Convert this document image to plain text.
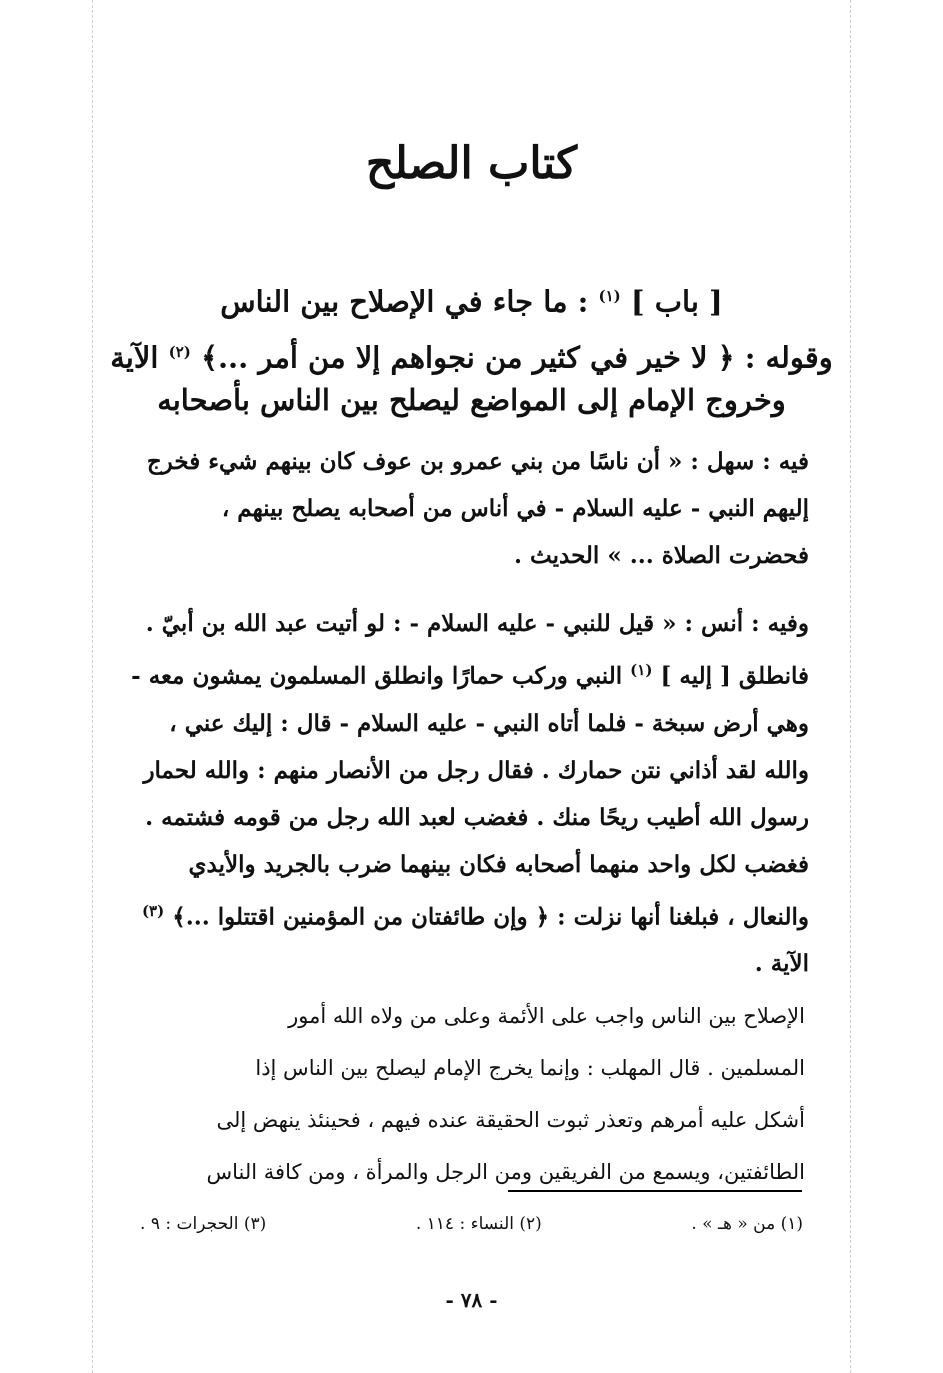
كتاب الصلح

[ باب ] $^{(١)}$ : ما جاء في الإصلاح بين الناس

وقوله : ﴿ لا خير في كثير من نجواهم إلا من أمر ...﴾ $^{(٢)}$ الآية

وخروج الإمام إلى المواضع ليصلح بين الناس بأصحابه

فيه : سهل : « أن ناسًا من بني عمرو بن عوف كان بينهم شيء فخرج
إليهم النبي - عليه السلام - في أناس من أصحابه يصلح بينهم ،
فحضرت الصلاة ... » الحديث .
وفيه : أنس : « قيل للنبي - عليه السلام - : لو أتيت عبد الله بن أبيّ .
فانطلق [ إليه ] $^{(١)}$ النبي وركب حمارًا وانطلق المسلمون يمشون معه -
وهي أرض سبخة - فلما أتاه النبي - عليه السلام - قال : إليك عني ،
والله لقد أذاني نتن حمارك . فقال رجل من الأنصار منهم : والله لحمار
رسول الله أطيب ريحًا منك . فغضب لعبد الله رجل من قومه فشتمه .
فغضب لكل واحد منهما أصحابه فكان بينهما ضرب بالجريد والأيدي
والنعال ، فبلغنا أنها نزلت : ﴿ وإن طائفتان من المؤمنين اقتتلوا ...﴾ $^{(٣)}$
الآية .
الإصلاح بين الناس واجب على الأئمة وعلى من ولاه الله أمور
المسلمين . قال المهلب : وإنما يخرج الإمام ليصلح بين الناس إذا
أشكل عليه أمرهم وتعذر ثبوت الحقيقة عنده فيهم ، فحينئذ ينهض إلى
الطائفتين، ويسمع من الفريقين ومن الرجل والمرأة ، ومن كافة الناس
(١) من « هـ » .
(٢) النساء : ١١٤ .
(٣) الحجرات : ٩ .
- ٧٨ -
